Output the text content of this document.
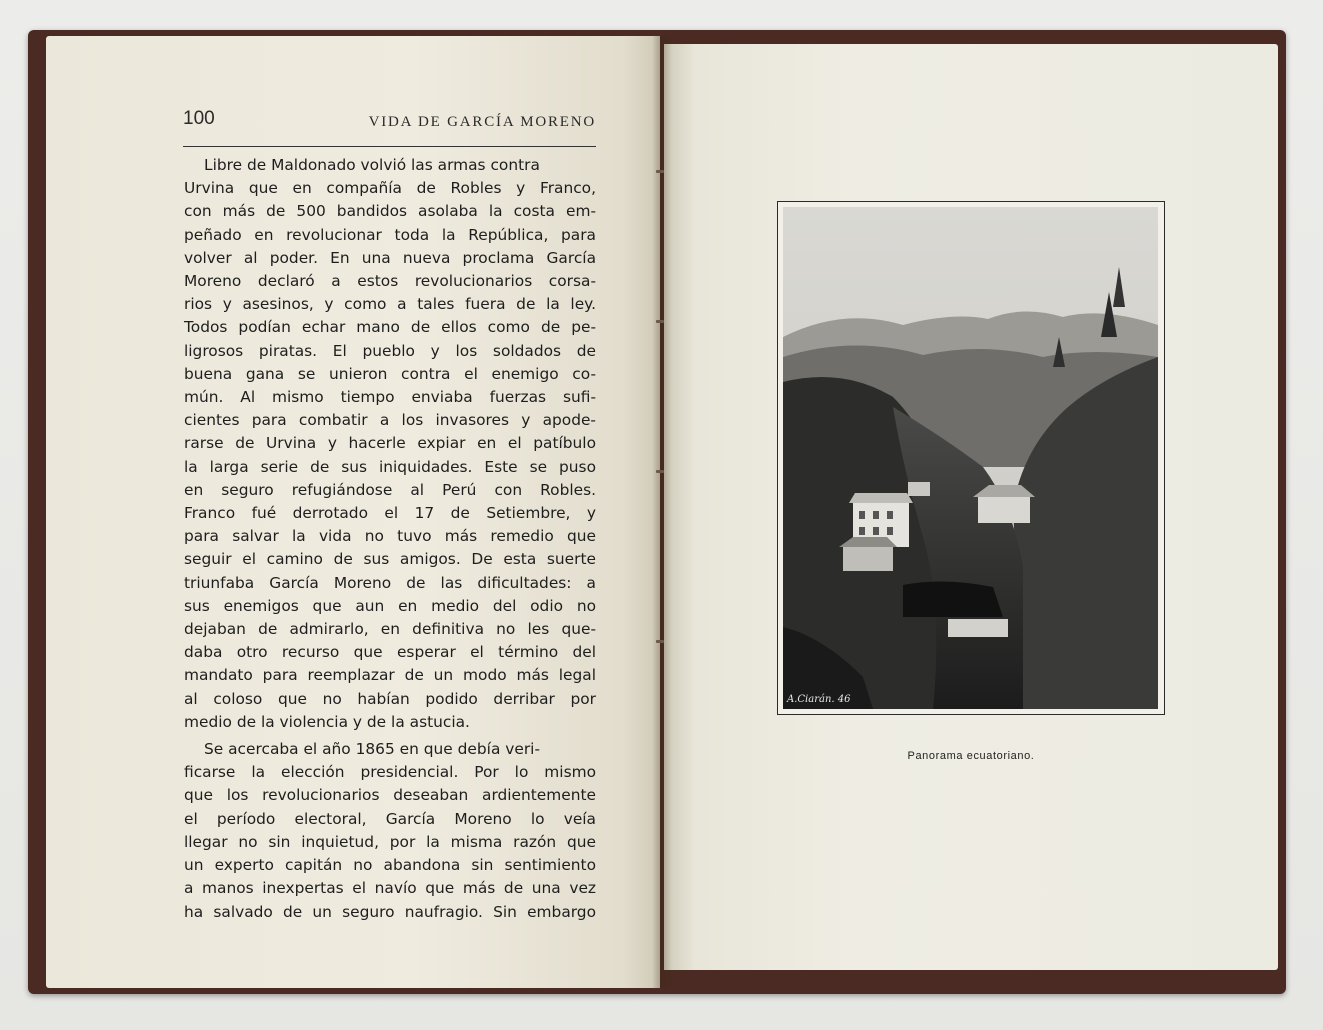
100	VIDA DE GARCÍA MORENO
Libre de Maldonado volvió las armas contra
Urvina que en compañía de Robles y Franco,
con más de 500 bandidos asolaba la costa em-
peñado en revolucionar toda la República, para
volver al poder. En una nueva proclama García
Moreno declaró a estos revolucionarios corsa-
rios y asesinos, y como a tales fuera de la ley.
Todos podían echar mano de ellos como de pe-
ligrosos piratas. El pueblo y los soldados de
buena gana se unieron contra el enemigo co-
mún. Al mismo tiempo enviaba fuerzas sufi-
cientes para combatir a los invasores y apode-
rarse de Urvina y hacerle expiar en el patíbulo
la larga serie de sus iniquidades. Este se puso
en seguro refugiándose al Perú con Robles.
Franco fué derrotado el 17 de Setiembre, y
para salvar la vida no tuvo más remedio que
seguir el camino de sus amigos. De esta suerte
triunfaba García Moreno de las dificultades: a
sus enemigos que aun en medio del odio no
dejaban de admirarlo, en definitiva no les que-
daba otro recurso que esperar el término del
mandato para reemplazar de un modo más legal
al coloso que no habían podido derribar por
medio de la violencia y de la astucia.
Se acercaba el año 1865 en que debía veri-
ficarse la elección presidencial. Por lo mismo
que los revolucionarios deseaban ardientemente
el período electoral, García Moreno lo veía
llegar no sin inquietud, por la misma razón que
un experto capitán no abandona sin sentimiento
a manos inexpertas el navío que más de una vez
ha salvado de un seguro naufragio. Sin embargo
A.Ciarán. 46
Panorama ecuatoriano.
